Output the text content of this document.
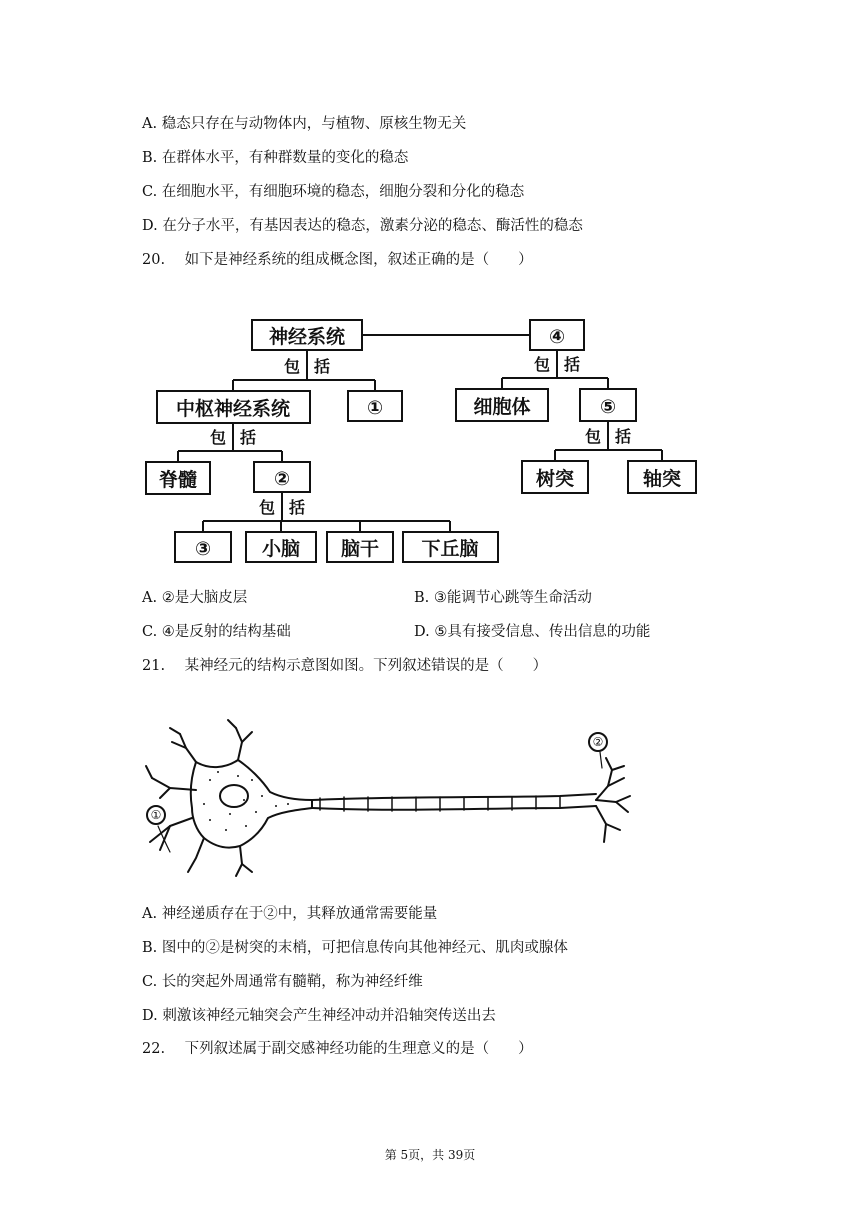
A. 稳态只存在与动物体内，与植物、原核生物无关
B. 在群体水平，有种群数量的变化的稳态
C. 在细胞水平，有细胞环境的稳态，细胞分裂和分化的稳态
D. 在分子水平，有基因表达的稳态，激素分泌的稳态、酶活性的稳态
20. 如下是神经系统的组成概念图，叙述正确的是（　　）
神经系统	④
包 括	包 括
中枢神经系统	①	细胞体	⑤
包 括	包 括
脊髓	②	树突	轴突
包 括
③	小脑 脑干 下丘脑
A. ②是大脑皮层	B. ③能调节心跳等生命活动
C. ④是反射的结构基础	D. ⑤具有接受信息、传出信息的功能
21. 某神经元的结构示意图如图。下列叙述错误的是（　　）
①
②
A. 神经递质存在于②中，其释放通常需要能量
B. 图中的②是树突的末梢，可把信息传向其他神经元、肌肉或腺体
C. 长的突起外周通常有髓鞘，称为神经纤维
D. 刺激该神经元轴突会产生神经冲动并沿轴突传送出去
22. 下列叙述属于副交感神经功能的生理意义的是（　　）
第 5页，共 39页
